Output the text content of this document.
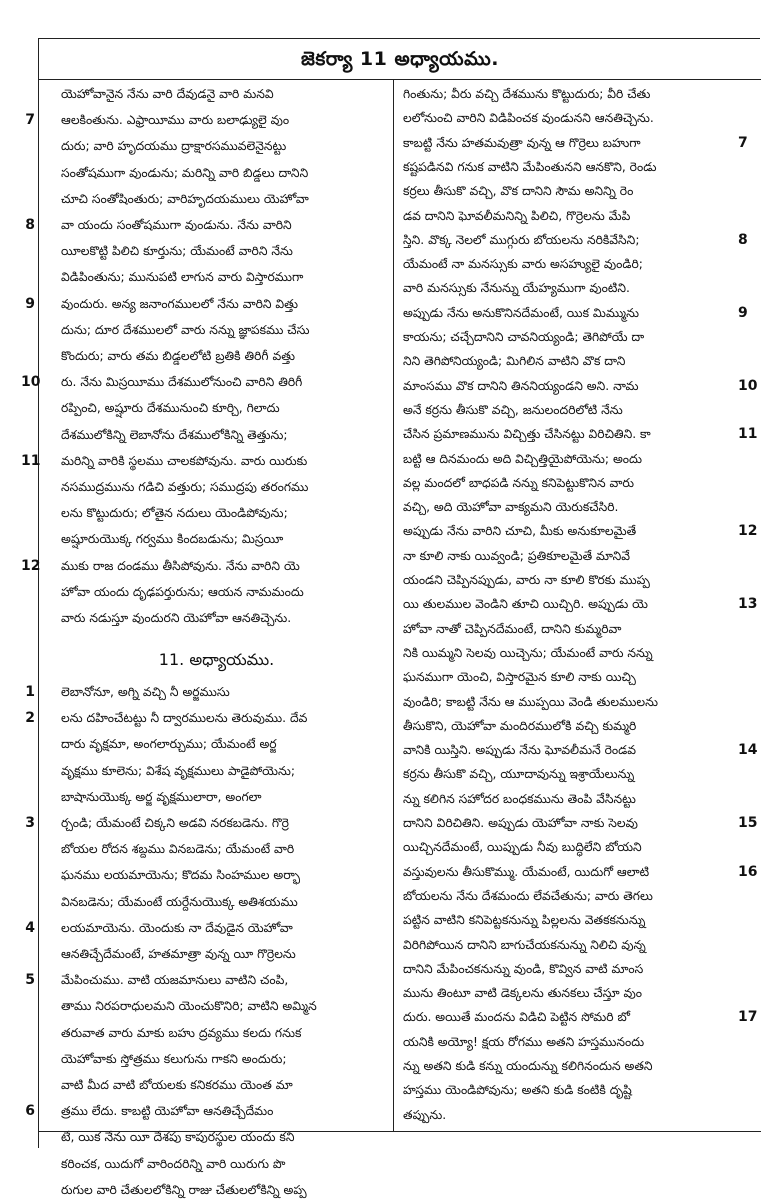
జెకర్యా 11 అధ్యాయము.
11. అధ్యాయము.
యెహోవానైన నేను వారి దేవుడనై వారి మనవి
ఆలకింతును. ఎఫ్రాయీము వారు బలాఢ్యులై వుం
7
దురు; వారి హృదయము ద్రాక్షారసమువలెనైనట్టు
సంతోషముగా వుండును; మరిన్ని వారి బిడ్డలు దానిని
చూచి సంతోషింతురు; వారిహృదయములు యెహోవా
వా యందు సంతోషముగా వుండును. నేను వారిని
8
యీలకొట్టి పిలిచి కూర్తును; యేమంటే వారిని నేను
విడిపింతును; మునుపటి లాగున వారు విస్తారముగా
వుందురు. అన్య జనాంగములలో నేను వారిని విత్తు
9
దును; దూర దేశములలో వారు నన్ను జ్ఞాపకము చేసు
కొందురు; వారు తమ బిడ్డలలోటి బ్రతికి తిరిగీ వత్తు
రు. నేను మిస్రయీము దేశములోనుంచి వారిని తిరిగీ
10
రప్పించి, అష్షూరు దేశమునుంచి కూర్చి, గిలాదు
దేశములోకిన్ని లెబానోను దేశములోకిన్ని తెత్తును;
మరిన్ని వారికి స్థలము చాలకపోవును. వారు యిరుకు
11
నసముద్రమును గడిచి వత్తురు; సముద్రపు తరంగము
లను కొట్టుదురు; లోతైన నదులు యెండిపోవును;
అష్షూరుయొక్క గర్వము కిందబడును; మిస్రయీ
ముకు రాజ దండము తీసిపోవును. నేను వారిని యె
12
హోవా యందు దృఢపర్తురును; ఆయన నామమందు
వారు నడుస్తూ వుందురని యెహోవా ఆనతిచ్చెను.
లెబానోనూ, అగ్ని వచ్చి నీ అర్జముసు
1
లను దహించేటట్టు నీ ద్వారములను తెరువుము. దేవ
2
దారు వృక్షమా, అంగలార్చుము; యేమంటే అర్జ
వృక్షము కూలెను; విశేష వృక్షములు పాడైపోయెను;
బాషానుయొక్క అర్జ వృక్షములారా, అంగలా
ర్చండి; యేమంటే చిక్కని అడవి నరకబడెను. గొర్రె
3
బోయల రోదన శబ్దము వినబడెను; యేమంటే వారి
ఘనము లయమాయెను; కొదమ సింహముల అర్భా
వినబడెను; యేమంటే యర్దేనుయొక్క అతిశయము
లయమాయెను. యెందుకు నా దేవుడైన యెహోవా
4
ఆనతిచ్చేదేమంటే, హతమాత్రా వున్న యీ గొర్రెలను
మేపించుము. వాటి యజమానులు వాటిని చంపి,
5
తాము నిరపరాధులమని యెంచుకొనిరి; వాటిని అమ్మిన
తరువాత వారు మాకు బహు ద్రవ్యము కలదు గనుక
యెహోవాకు స్తోత్రము కలుగును గాకని అందురు;
వాటి మీద వాటి బోయలకు కనికరము యెంత మా
త్రము లేదు. కాబట్టి యెహోవా ఆనతిచ్చేదేమం
6
టే, యిక నేను యీ దేశపు కాపురస్థుల యందు కని
కరించక, యిదుగో వారిందరిన్ని వారి యిరుగు పొ
రుగుల వారి చేతులలోకిన్ని రాజు చేతులలోకిన్ని అప్ప
గింతును; వీరు వచ్చి దేశమును కొట్టుదురు; వీరి చేతు
లలోనుంచి వారిని విడిపించక వుండునని ఆనతిచ్చెను.
కాబట్టి నేను హతమవుత్రా వున్న ఆ గొర్రెలు బహుగా	7
కష్టపడినవి గనుక వాటిని మేపింతునని ఆనకొని, రెండు
కర్రలు తీసుకొ వచ్చి, వొక దానిని సౌమ అనిన్ని రెం
డవ దానిని ఘోవలీమనిన్ని పిలిచి, గొర్రెలను మేపి
స్తిని. వొక్క నెలలో ముగ్గురు బోయలను నరికివేసిని;	8
యేమంటే నా మనస్సుకు వారు అసహ్యులై వుండిరి;
వారి మనస్సుకు నేనున్ను యేహ్యముగా వుంటిని.
అప్పుడు నేను అనుకొనినదేమంటే, యిక మిమ్మును	9
కాయను; చచ్చేదానిని చావనియ్యండి; తెగిపోయే దా
నిని తెగిపోనియ్యండి; మిగిలిన వాటిని వొక దాని
మాంసము వొక దానిని తిననియ్యండని అని. నామ	10
అనే కర్రను తీసుకొ వచ్చి, జనులందరిలోటి నేను
చేసిన ప్రమాణమును విచ్చిత్తు చేసినట్టు విరిచితిని. కా	11
బట్టి ఆ దినమందు అది విచ్చిత్తియైపోయెను; అందు
వల్ల మందలో బాధపడి నన్ను కనిపెట్టుకొనిన వారు
వచ్చి, అది యెహోవా వాక్యమని యెరుకచేసిరి.
అప్పుడు నేను వారిని చూచి, మీకు అనుకూలమైతే	12
నా కూలి నాకు యివ్వండి; ప్రతికూలమైతే మానివే
యండని చెప్పినప్పుడు, వారు నా కూలి కొరకు ముప్ప
యి తులముల వెండిని తూచి యిచ్చిరి. అప్పుడు యె	13
హోవా నాతో చెప్పినదేమంటే, దానిని కుమ్మరివా
నికి యిమ్మని సెలవు యిచ్చెను; యేమంటే వారు నన్ను
ఘనముగా యెంచి, విస్తారమైన కూలి నాకు యిచ్చి
వుండిరి; కాబట్టి నేను ఆ ముప్పయి వెండి తులములను
తీసుకొని, యెహోవా మందిరములోకి వచ్చి కుమ్మరి
వానికి యిస్తిని. అప్పుడు నేను ఘోవలీమనే రెండవ	14
కర్రను తీసుకొ వచ్చి, యూదావున్ను ఇశ్రాయేలున్ను
న్ను కలిగిన సహోదర బంధకమును తెంపి వేసినట్టు
దానిని విరిచితిని. అప్పుడు యెహోవా నాకు సెలవు	15
యిచ్చినదేమంటే, యిప్పుడు నీవు బుద్ధిలేని బోయని
వస్తువులను తీసుకొమ్ము. యేమంటే, యిదుగో ఆలాటి	16
బోయలను నేను దేశమందు లేవచేతును; వారు తెగలు
పట్టిన వాటిని కనిపెట్టకనున్ను పిల్లలను వెతకకనున్ను
విరిగిపోయిన దానిని బాగుచేయకనున్ను నిలిచి వున్న
దానిని మేపించకనున్ను వుండి, కొవ్విన వాటి మాంస
మును తింటూ వాటి డెక్కలను తునకలు చేస్తూ వుం
దురు. అయితే మందను విడిచి పెట్టిన సోమరి బో	17
యనికి అయ్యో! క్షయ రోగము అతని హస్తమునందు
న్ను అతని కుడి కన్ను యందున్ను కలిగినందున అతని
హస్తము యెండిపోవును; అతని కుడి కంటికి దృష్టి
తప్పును.
